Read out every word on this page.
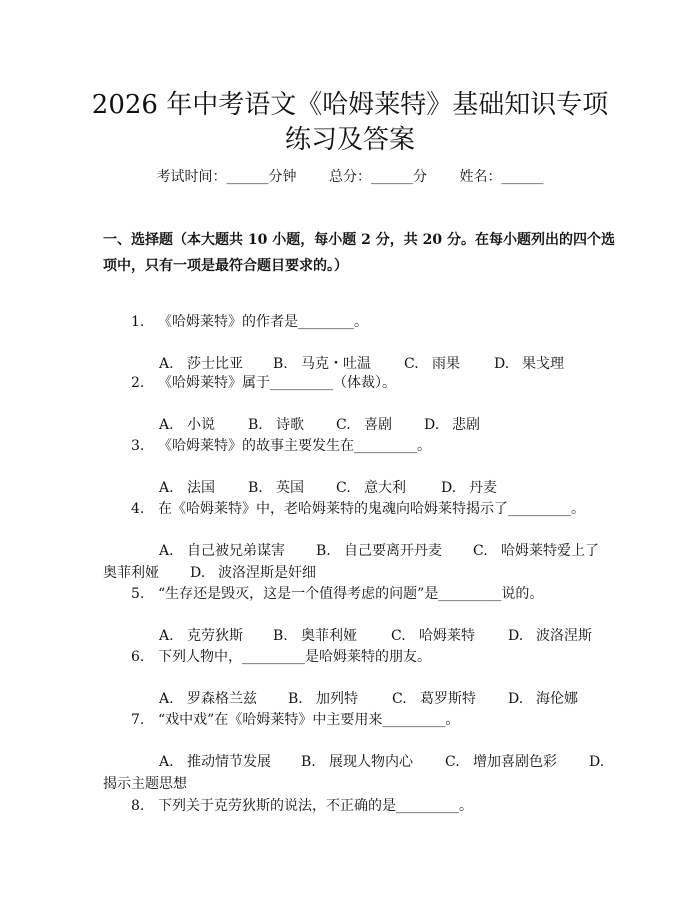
2026 年中考语文《哈姆莱特》基础知识专项
练习及答案
考试时间：______分钟 总分：______分 姓名：______
一、选择题（本大题共 10 小题，每小题 2 分，共 20 分。在每小题列出的四个选项中，只有一项是最符合题目要求的。）
1. 《哈姆莱特》的作者是________。
A. 莎士比亚 B. 马克・吐温 C. 雨果 D. 果戈理
2. 《哈姆莱特》属于_________（体裁）。
A. 小说 B. 诗歌 C. 喜剧 D. 悲剧
3. 《哈姆莱特》的故事主要发生在_________。
A. 法国 B. 英国 C. 意大利	D. 丹麦
4. 在《哈姆莱特》中，老哈姆莱特的鬼魂向哈姆莱特揭示了_________。
A. 自己被兄弟谋害 B. 自己要离开丹麦 C. 哈姆莱特爱上了
奥菲利娅 D. 波洛涅斯是奸细
5. “生存还是毁灭，这是一个值得考虑的问题”是_________说的。
A. 克劳狄斯 B. 奥菲利娅 C. 哈姆莱特 D. 波洛涅斯
6. 下列人物中，_________是哈姆莱特的朋友。
A. 罗森格兰兹 B. 加列特 C. 葛罗斯特 D. 海伦娜
7. “戏中戏”在《哈姆莱特》中主要用来_________。
A. 推动情节发展 B. 展现人物内心 C. 增加喜剧色彩 D.
揭示主题思想
8. 下列关于克劳狄斯的说法，不正确的是_________。
